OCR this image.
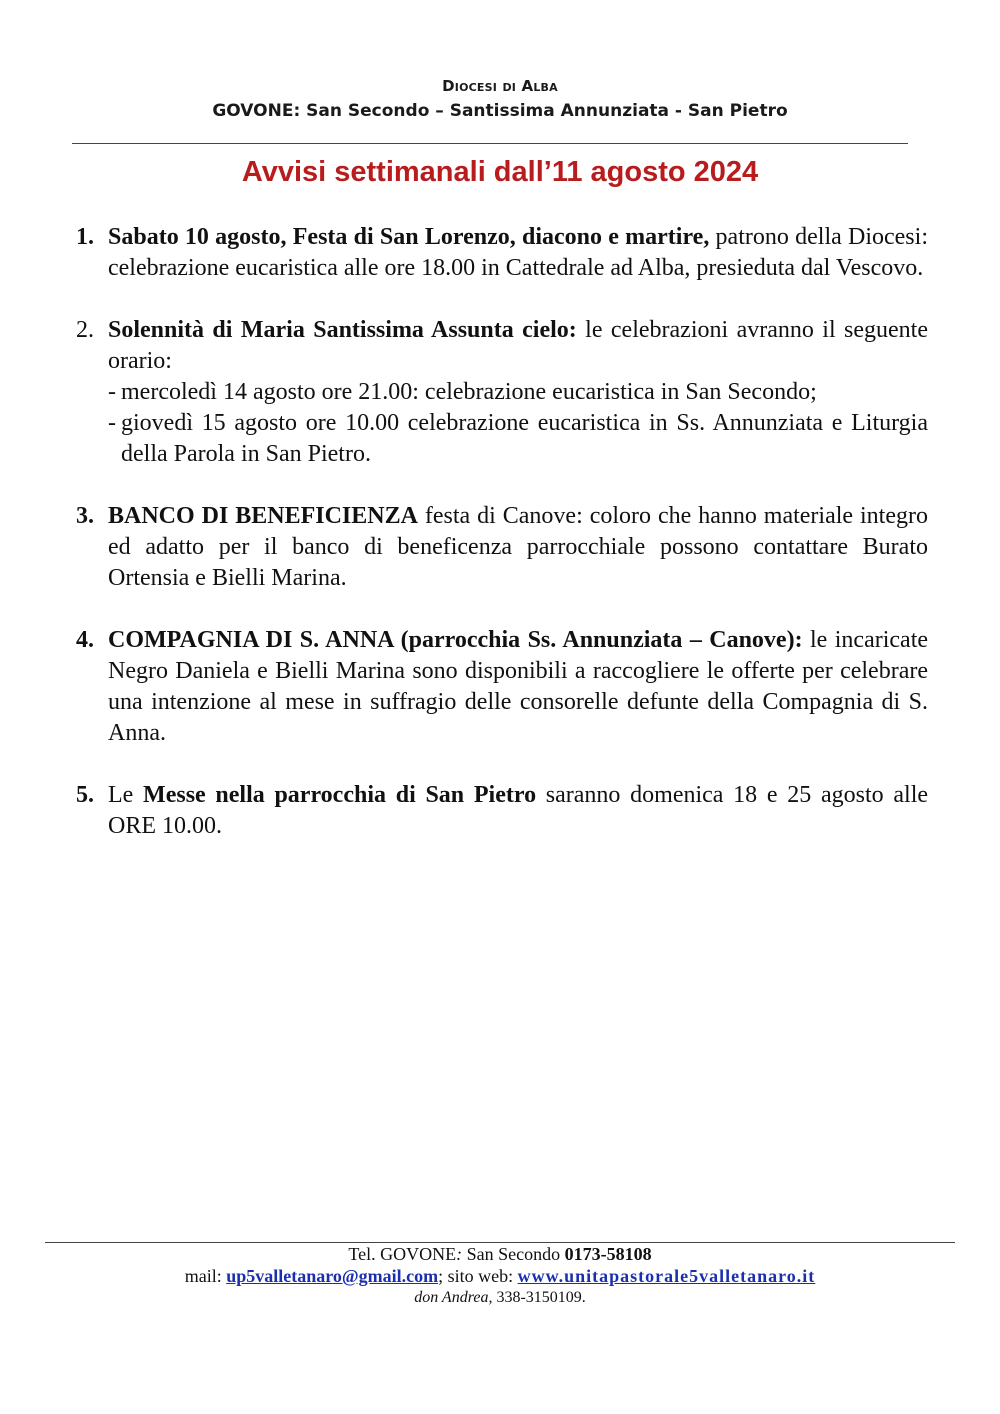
Diocesi di Alba
GOVONE: San Secondo – Santissima Annunziata - San Pietro
Avvisi settimanali dall’11 agosto 2024
1. Sabato 10 agosto, Festa di San Lorenzo, diacono e martire, patrono della Diocesi: celebrazione eucaristica alle ore 18.00 in Cattedrale ad Alba, presieduta dal Vescovo.
2. Solennità di Maria Santissima Assunta cielo: le celebrazioni avranno il seguente orario:
- mercoledì 14 agosto ore 21.00: celebrazione eucaristica in San Secondo;
- giovedì 15 agosto ore 10.00 celebrazione eucaristica in Ss. Annunziata e Liturgia della Parola in San Pietro.
3. BANCO DI BENEFICIENZA festa di Canove: coloro che hanno materiale integro ed adatto per il banco di beneficenza parrocchiale possono contattare Burato Ortensia e Bielli Marina.
4. COMPAGNIA DI S. ANNA (parrocchia Ss. Annunziata – Canove): le incaricate Negro Daniela e Bielli Marina sono disponibili a raccogliere le offerte per celebrare una intenzione al mese in suffragio delle consorelle defunte della Compagnia di S. Anna.
5. Le Messe nella parrocchia di San Pietro saranno domenica 18 e 25 agosto alle ORE 10.00.
Tel. GOVONE: San Secondo 0173-58108
mail: up5valletanaro@gmail.com; sito web: www.unitapastorale5valletanaro.it
don Andrea, 338-3150109.
